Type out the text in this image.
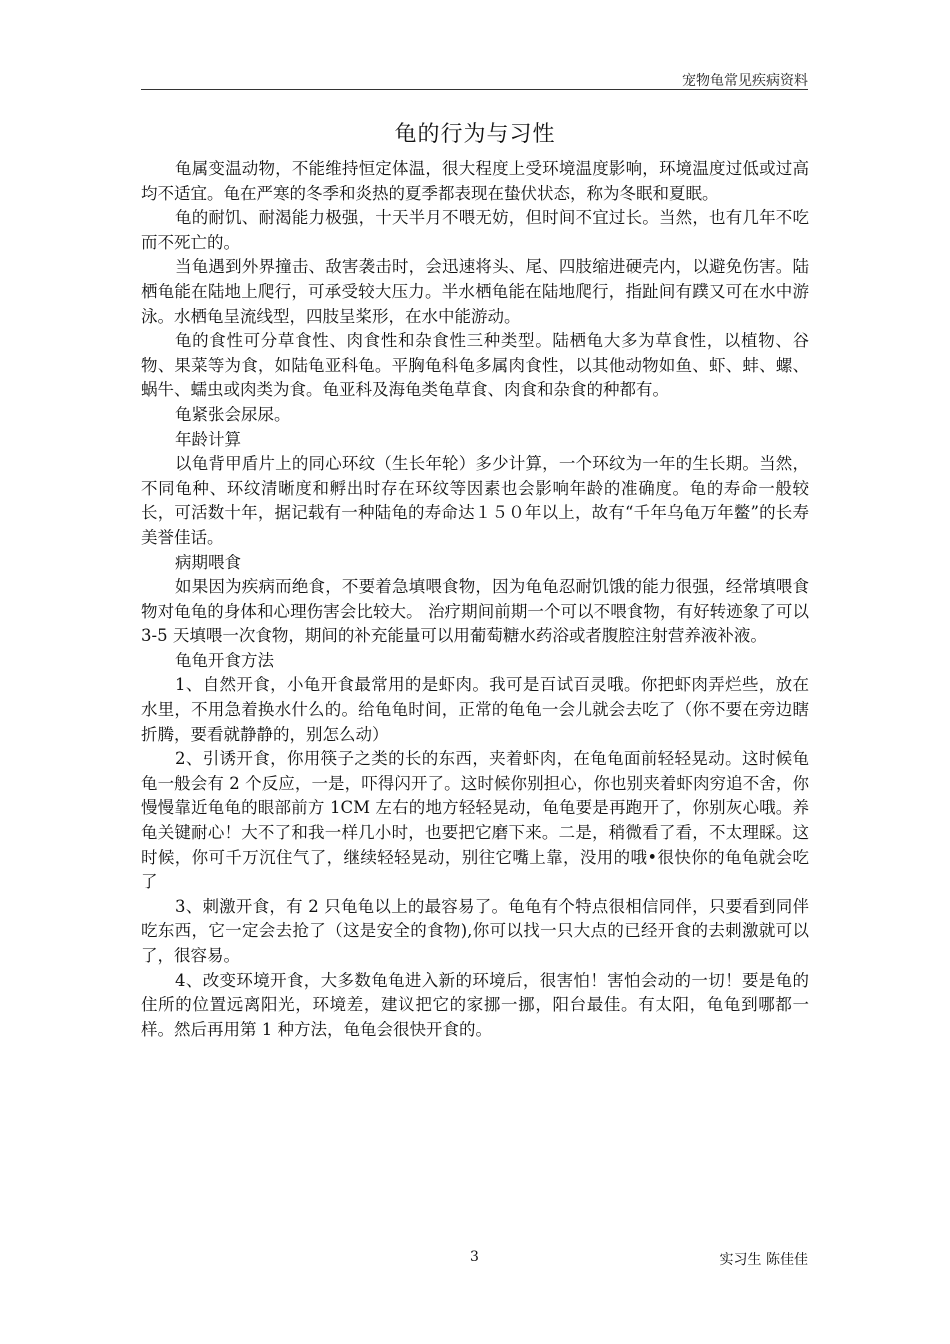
宠物龟常见疾病资料
龟的行为与习性

龟属变温动物，不能维持恒定体温，很大程度上受环境温度影响，环境温度过低或过高均不适宜。龟在严寒的冬季和炎热的夏季都表现在蛰伏状态，称为冬眠和夏眠。

龟的耐饥、耐渴能力极强，十天半月不喂无妨，但时间不宜过长。当然，也有几年不吃而不死亡的。

当龟遇到外界撞击、敌害袭击时，会迅速将头、尾、四肢缩进硬壳内，以避免伤害。陆栖龟能在陆地上爬行，可承受较大压力。半水栖龟能在陆地爬行，指趾间有蹼又可在水中游泳。水栖龟呈流线型，四肢呈桨形，在水中能游动。

龟的食性可分草食性、肉食性和杂食性三种类型。陆栖龟大多为草食性，以植物、谷物、果菜等为食，如陆龟亚科龟。平胸龟科龟多属肉食性，以其他动物如鱼、虾、蚌、螺、蜗牛、蠕虫或肉类为食。龟亚科及海龟类龟草食、肉食和杂食的种都有。

龟紧张会尿尿。

年龄计算

以龟背甲盾片上的同心环纹（生长年轮）多少计算，一个环纹为一年的生长期。当然，不同龟种、环纹清晰度和孵出时存在环纹等因素也会影响年龄的准确度。龟的寿命一般较长，可活数十年，据记载有一种陆龟的寿命达１５０年以上，故有“千年乌龟万年鳖”的长寿美誉佳话。

病期喂食

如果因为疾病而绝食，不要着急填喂食物，因为龟龟忍耐饥饿的能力很强，经常填喂食物对龟龟的身体和心理伤害会比较大。 治疗期间前期一个可以不喂食物，有好转迹象了可以 3-5 天填喂一次食物，期间的补充能量可以用葡萄糖水药浴或者腹腔注射营养液补液。

龟龟开食方法

1、自然开食，小龟开食最常用的是虾肉。我可是百试百灵哦。你把虾肉弄烂些，放在水里，不用急着换水什么的。给龟龟时间，正常的龟龟一会儿就会去吃了（你不要在旁边瞎折腾，要看就静静的，别怎么动）

2、引诱开食，你用筷子之类的长的东西，夹着虾肉，在龟龟面前轻轻晃动。这时候龟龟一般会有 2 个反应，一是，吓得闪开了。这时候你别担心，你也别夹着虾肉穷追不舍，你慢慢靠近龟龟的眼部前方 1CM 左右的地方轻轻晃动，龟龟要是再跑开了，你别灰心哦。养龟关键耐心！大不了和我一样几小时，也要把它磨下来。二是，稍微看了看，不太理睬。这时候，你可千万沉住气了，继续轻轻晃动，别往它嘴上靠，没用的哦•很快你的龟龟就会吃了

3、刺激开食，有 2 只龟龟以上的最容易了。龟龟有个特点很相信同伴，只要看到同伴吃东西，它一定会去抢了（这是安全的食物),你可以找一只大点的已经开食的去刺激就可以了，很容易。

4、改变环境开食，大多数龟龟进入新的环境后，很害怕！害怕会动的一切！要是龟的住所的位置远离阳光，环境差，建议把它的家挪一挪，阳台最佳。有太阳，龟龟到哪都一样。然后再用第 1 种方法，龟龟会很快开食的。

3	实习生 陈佳佳
